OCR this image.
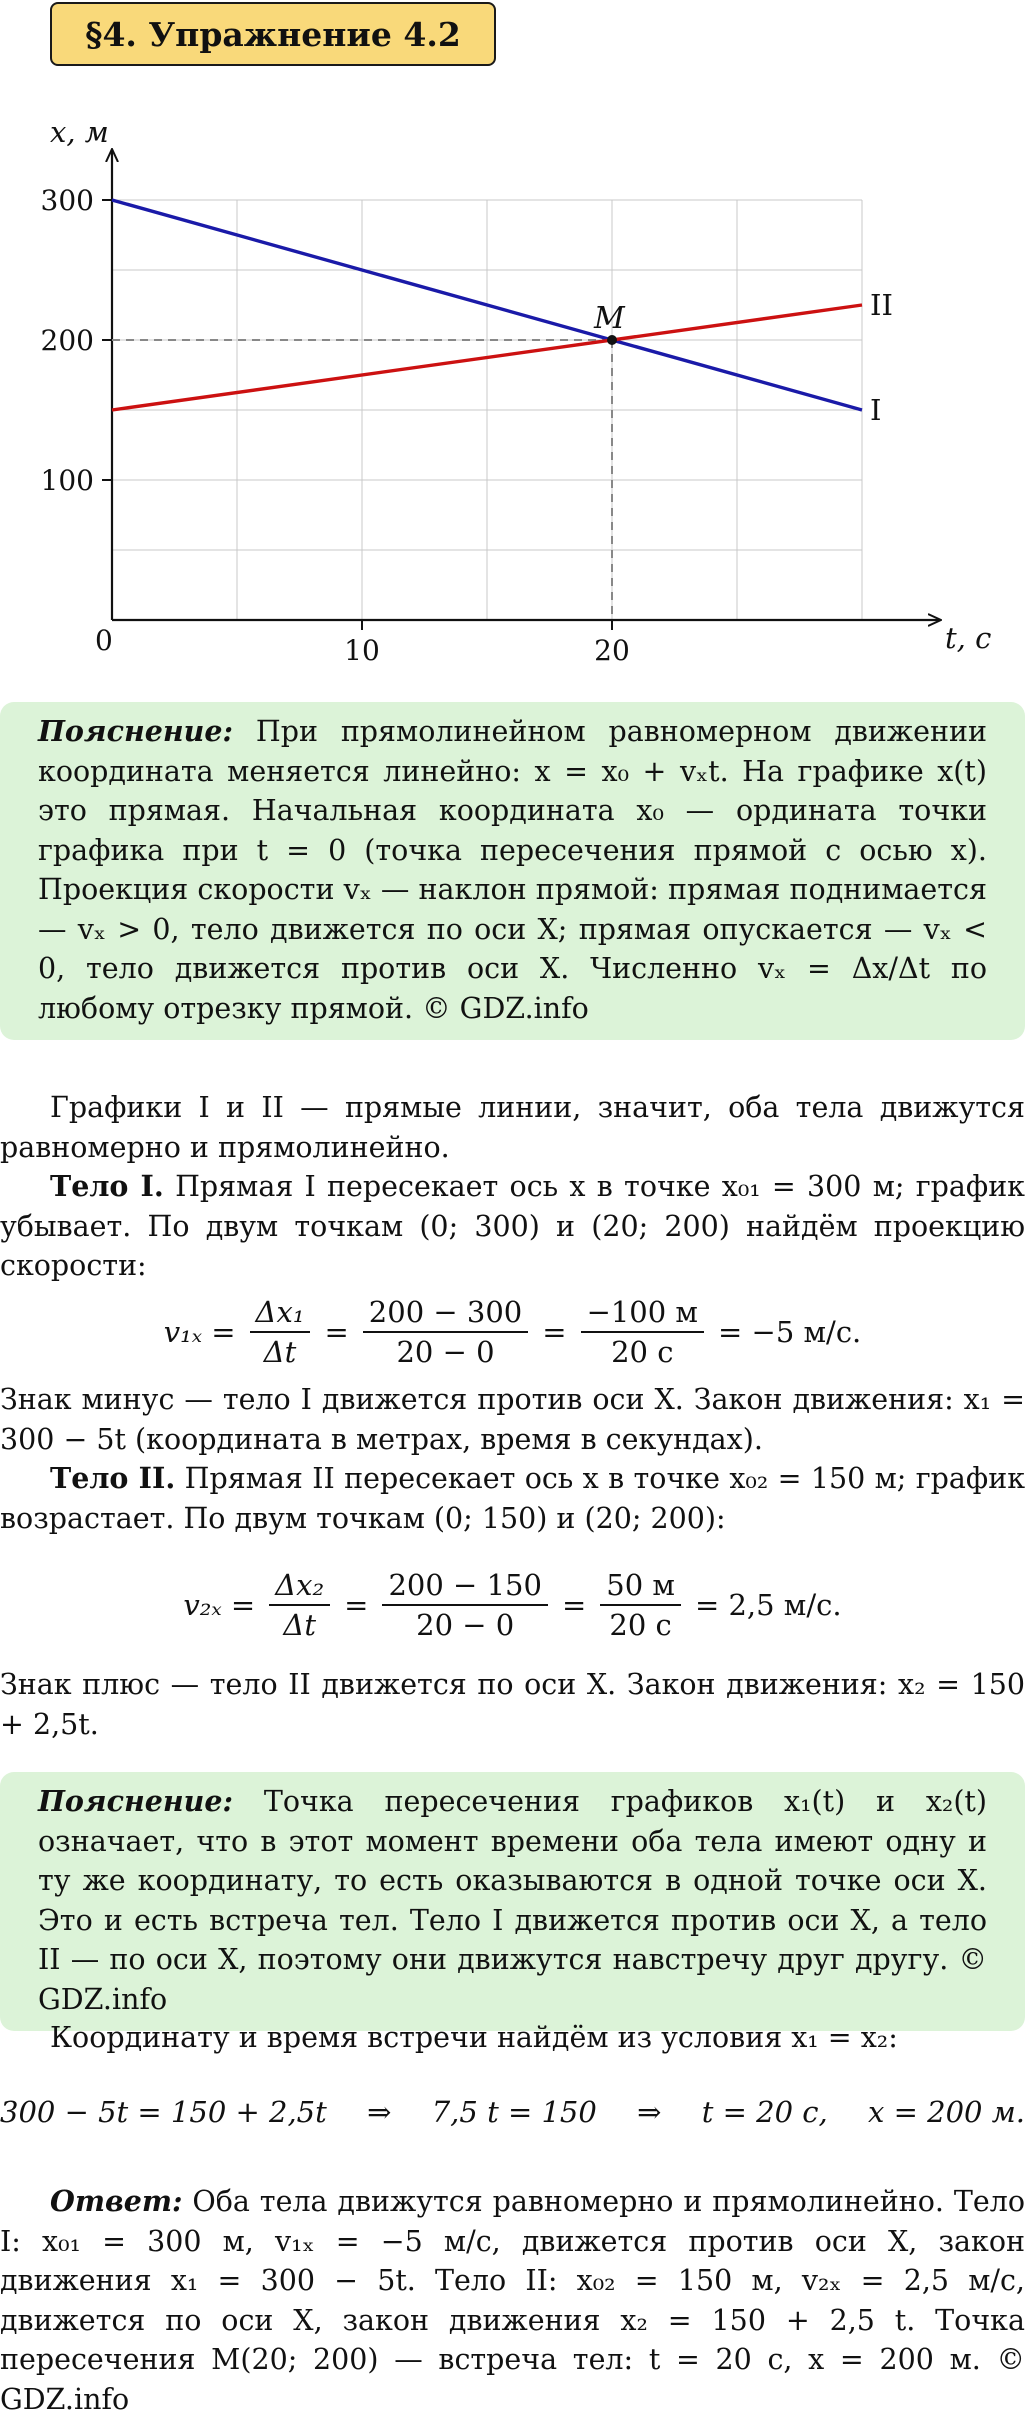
§4. Упражнение 4.2
100
200
300
10	20
I
II
M
x, м
t, c
0
Пояснение: При прямолинейном равномерном движении координата меняется линейно: x = x₀ + vₓt. На графике x(t) это прямая. Начальная координата x₀ — ордината точки графика при t = 0 (точка пересечения прямой с осью x). Проекция скорости vₓ — наклон прямой: прямая поднимается — vₓ > 0, тело движется по оси X; прямая опускается — vₓ < 0, тело движется против оси X. Численно vₓ = Δx/Δt по любому отрезку прямой. © GDZ.info
Графики I и II — прямые линии, значит, оба тела движутся равномерно и прямолинейно.
Тело I. Прямая I пересекает ось x в точке x₀₁ = 300 м; график убывает. По двум точкам (0; 300) и (20; 200) найдём проекцию скорости:
$v_{1x} = \frac{\text{Δx₁}}{\Delta t} = \frac{200 - 300}{20 - 0} = \frac{-100 м}{20 с} = -5$ м/с.
Знак минус — тело I движется против оси X. Закон движения: x₁ = 300 − 5t (координата в метрах, время в секундах).
Тело II. Прямая II пересекает ось x в точке x₀₂ = 150 м; график возрастает. По двум точкам (0; 150) и (20; 200):
$v_{2x} = \frac{\text{Δx₂}}{\Delta t} = \frac{200 - 150}{20 - 0} = \frac{50 м}{20 с} = 2,5$ м/с.
Знак плюс — тело II движется по оси X. Закон движения: x₂ = 150 + 2,5t.
Пояснение: Точка пересечения графиков x₁(t) и x₂(t) означает, что в этот момент времени оба тела имеют одну и ту же координату, то есть оказываются в одной точке оси X. Это и есть встреча тел. Тело I движется против оси X, а тело II — по оси X, поэтому они движутся навстречу друг другу. © GDZ.info
Координату и время встречи найдём из условия x₁ = x₂:
300 − 5t = 150 + 2,5t ⇒ 7,5 t = 150 ⇒ t = 20 с, x = 200 м.
Ответ: Оба тела движутся равномерно и прямолинейно. Тело I: x₀₁ = 300 м, v₁ₓ = −5 м/с, движется против оси X, закон движения x₁ = 300 − 5t. Тело II: x₀₂ = 150 м, v₂ₓ = 2,5 м/с, движется по оси X, закон движения x₂ = 150 + 2,5 t. Точка пересечения M(20; 200) — встреча тел: t = 20 с, x = 200 м. © GDZ.info
